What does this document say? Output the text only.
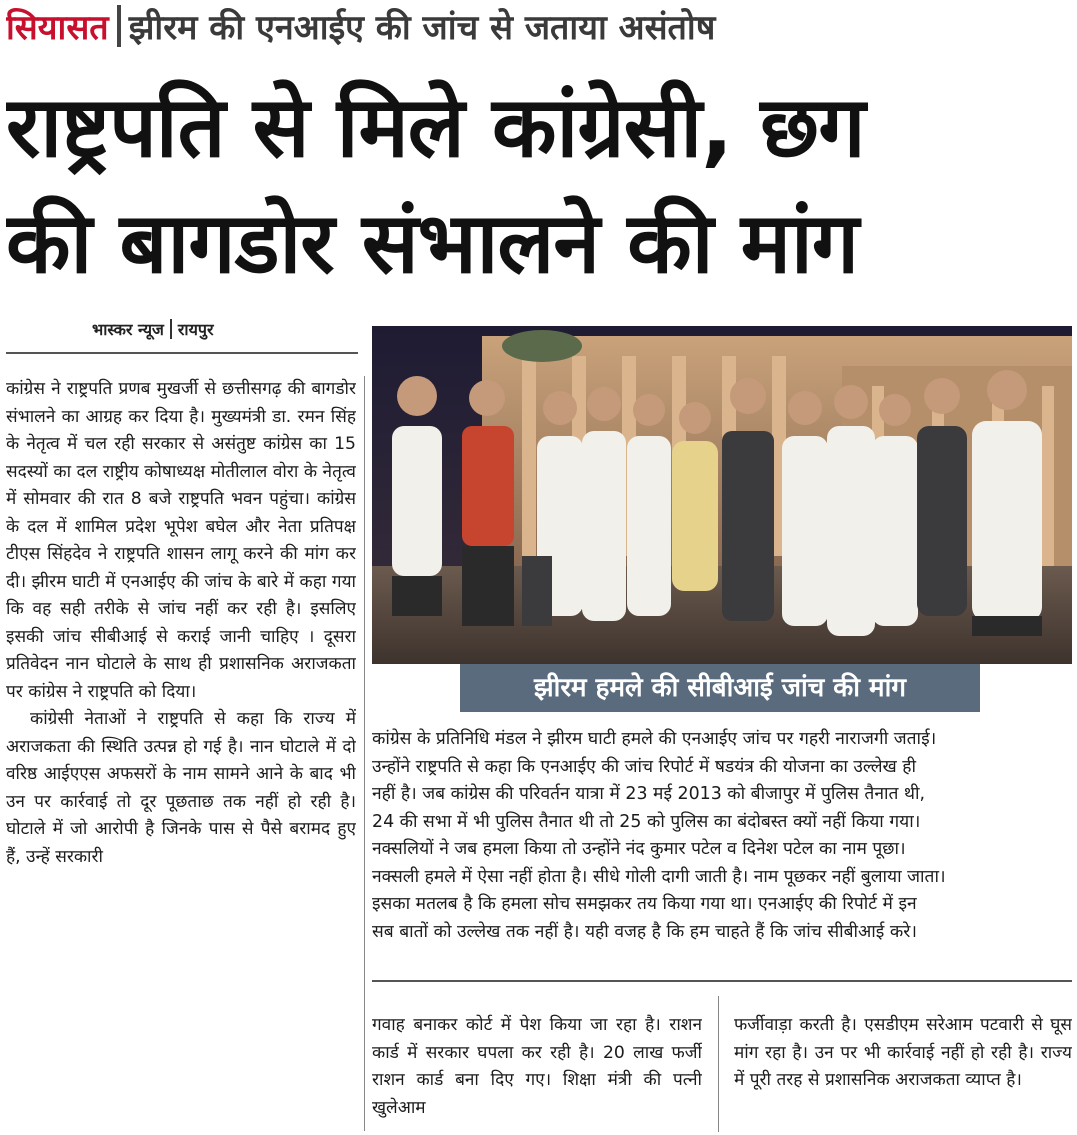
सियासत झीरम की एनआईए की जांच से जताया असंतोष
राष्ट्रपति से मिले कांग्रेसी, छग
की बागडोर संभालने की मांग
भास्कर न्यूज रायपुर

कांग्रेस ने राष्ट्रपति प्रणब मुखर्जी से छत्तीसगढ़ की बागडोर संभालने का आग्रह कर दिया है। मुख्यमंत्री डा. रमन सिंह के नेतृत्व में चल रही सरकार से असंतुष्ट कांग्रेस का 15 सदस्यों का दल राष्ट्रीय कोषाध्यक्ष मोतीलाल वोरा के नेतृत्व में सोमवार की रात 8 बजे राष्ट्रपति भवन पहुंचा। कांग्रेस के दल में शामिल प्रदेश भूपेश बघेल और नेता प्रतिपक्ष टीएस सिंहदेव ने राष्ट्रपति शासन लागू करने की मांग कर दी। झीरम घाटी में एनआईए की जांच के बारे में कहा गया कि वह सही तरीके से जांच नहीं कर रही है। इसलिए इसकी जांच सीबीआई से कराई जानी चाहिए । दूसरा प्रतिवेदन नान घोटाले के साथ ही प्रशासनिक अराजकता पर कांग्रेस ने राष्ट्रपति को दिया।

कांग्रेसी नेताओं ने राष्ट्रपति से कहा कि राज्य में अराजकता की स्थिति उत्पन्न हो गई है। नान घोटाले में दो वरिष्ठ आईएएस अफसरों के नाम सामने आने के बाद भी उन पर कार्रवाई तो दूर पूछताछ तक नहीं हो रही है। घोटाले में जो आरोपी है जिनके पास से पैसे बरामद हुए हैं, उन्हें सरकारी

झीरम हमले की सीबीआई जांच की मांग
कांग्रेस के प्रतिनिधि मंडल ने झीरम घाटी हमले की एनआईए जांच पर गहरी नाराजगी जताई।
उन्होंने राष्ट्रपति से कहा कि एनआईए की जांच रिपोर्ट में षडयंत्र की योजना का उल्लेख ही
नहीं है। जब कांग्रेस की परिवर्तन यात्रा में 23 मई 2013 को बीजापुर में पुलिस तैनात थी,
24 की सभा में भी पुलिस तैनात थी तो 25 को पुलिस का बंदोबस्त क्यों नहीं किया गया।
नक्सलियों ने जब हमला किया तो उन्होंने नंद कुमार पटेल व दिनेश पटेल का नाम पूछा।
नक्सली हमले में ऐसा नहीं होता है। सीधे गोली दागी जाती है। नाम पूछकर नहीं बुलाया जाता।
इसका मतलब है कि हमला सोच समझकर तय किया गया था। एनआईए की रिपोर्ट में इन
सब बातों को उल्लेख तक नहीं है। यही वजह है कि हम चाहते हैं कि जांच सीबीआई करे।

गवाह बनाकर कोर्ट में पेश किया जा रहा है। राशन कार्ड में सरकार घपला कर रही है। 20 लाख फर्जी राशन कार्ड बना दिए गए। शिक्षा मंत्री की पत्नी खुलेआम

फर्जीवाड़ा करती है। एसडीएम सरेआम पटवारी से घूस मांग रहा है। उन पर भी कार्रवाई नहीं हो रही है। राज्य में पूरी तरह से प्रशासनिक अराजकता व्याप्त है।
